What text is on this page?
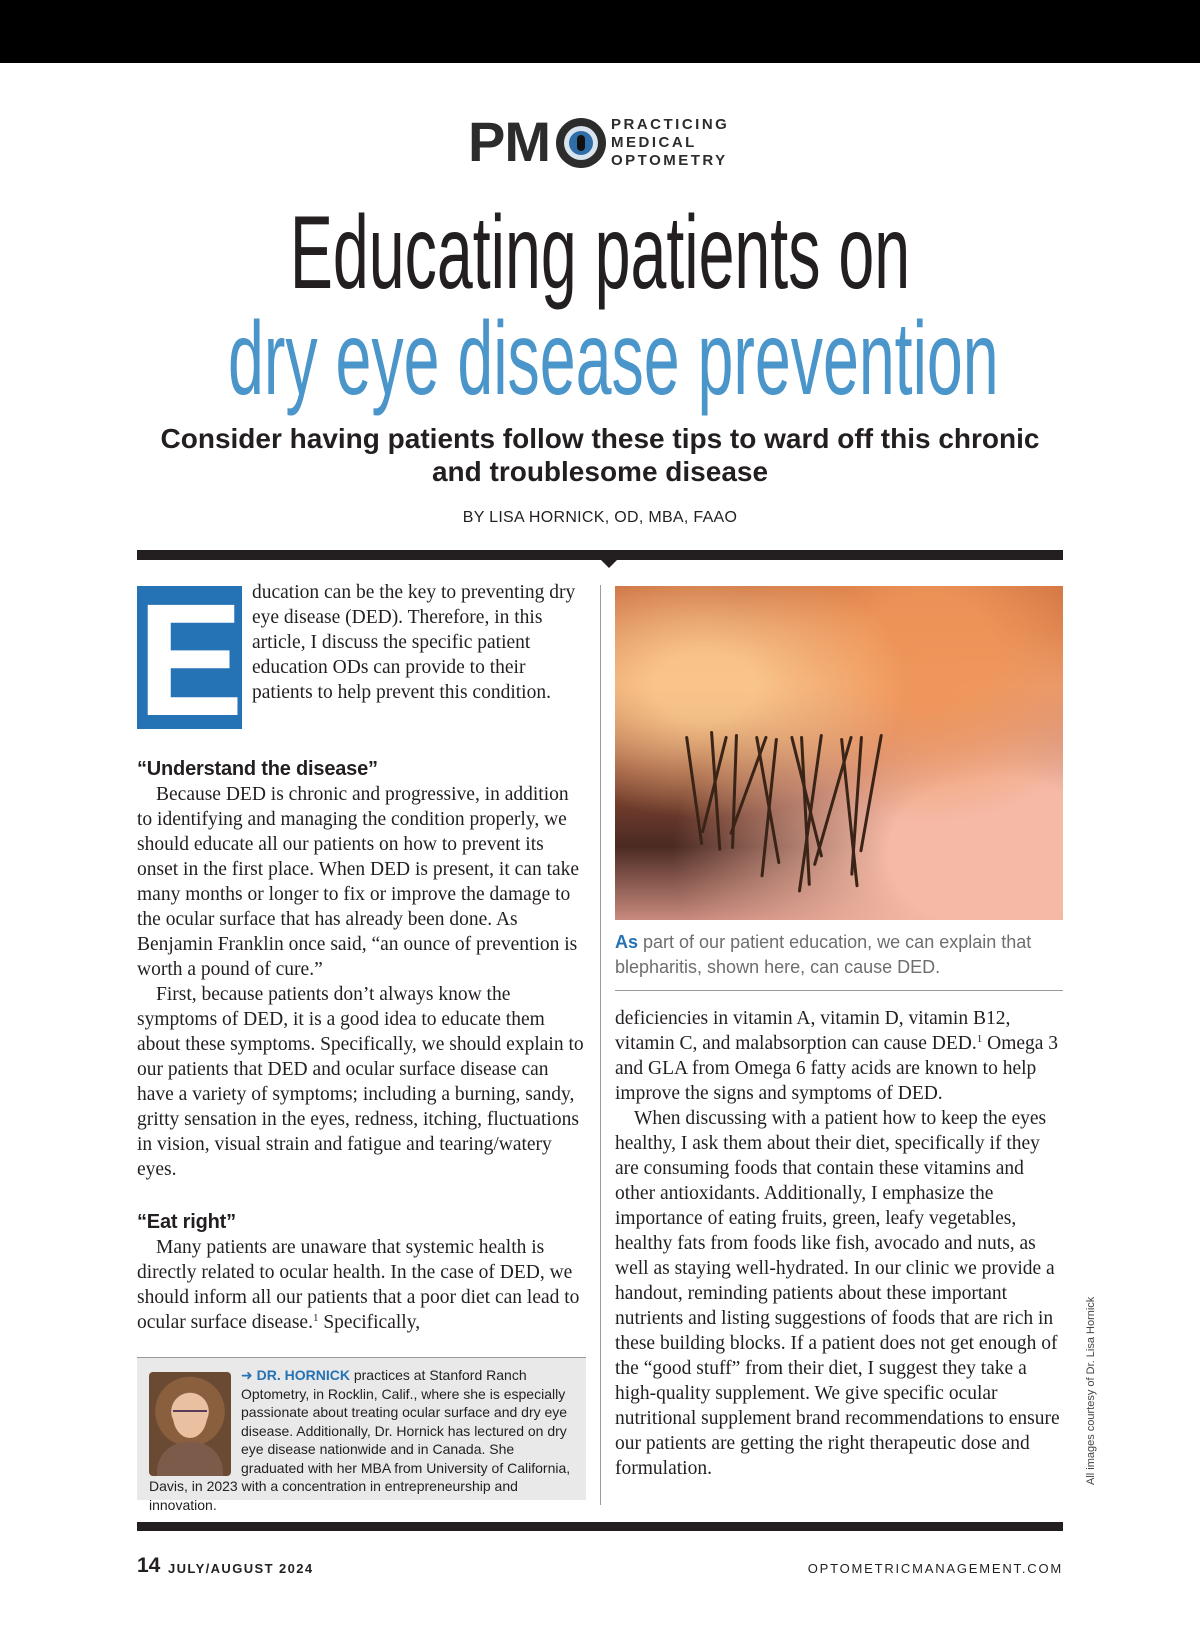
PM	PRACTICING
MEDICAL
OPTOMETRY
Educating patients on
dry eye disease prevention
Consider having patients follow these tips to ward off this chronic and troublesome disease
BY LISA HORNICK, OD, MBA, FAAO
E ducation can be the key to preventing dry eye disease (DED). Therefore, in this article, I discuss the specific patient education ODs can provide to their patients to help prevent this condition.

“Understand the disease”

Because DED is chronic and progressive, in addition to identifying and managing the condition properly, we should educate all our patients on how to prevent its onset in the first place. When DED is present, it can take many months or longer to fix or improve the damage to the ocular surface that has already been done. As Benjamin Franklin once said, “an ounce of prevention is worth a pound of cure.”

First, because patients don’t always know the symptoms of DED, it is a good idea to educate them about these symptoms. Specifically, we should explain to our patients that DED and ocular surface disease can have a variety of symptoms; including a burning, sandy, gritty sensation in the eyes, redness, itching, fluctuations in vision, visual strain and fatigue and tearing/watery eyes.

“Eat right”

Many patients are unaware that systemic health is directly related to ocular health. In the case of DED, we should inform all our patients that a poor diet can lead to ocular surface disease.$^1$ Specifically,

➜ DR. HORNICK practices at Stanford Ranch Optometry, in Rocklin, Calif., where she is especially passionate about treating ocular surface and dry eye disease. Additionally, Dr. Hornick has lectured on dry eye disease nationwide and in Canada. She graduated with her MBA from University of California, Davis, in 2023 with a concentration in entrepreneurship and innovation.
As part of our patient education, we can explain that blepharitis, shown here, can cause DED.

deficiencies in vitamin A, vitamin D, vitamin B12, vitamin C, and malabsorption can cause DED.$^1$ Omega 3 and GLA from Omega 6 fatty acids are known to help improve the signs and symptoms of DED.

When discussing with a patient how to keep the eyes healthy, I ask them about their diet, specifically if they are consuming foods that contain these vitamins and other antioxidants. Additionally, I emphasize the importance of eating fruits, green, leafy vegetables, healthy fats from foods like fish, avocado and nuts, as well as staying well-hydrated. In our clinic we provide a handout, reminding patients about these important nutrients and listing suggestions of foods that are rich in these building blocks. If a patient does not get enough of the “good stuff” from their diet, I suggest they take a high-quality supplement. We give specific ocular nutritional supplement brand recommendations to ensure our patients are getting the right therapeutic dose and formulation.	All images courtesy of Dr. Lisa Hornick
14 JULY/AUGUST 2024	OPTOMETRICMANAGEMENT.COM
